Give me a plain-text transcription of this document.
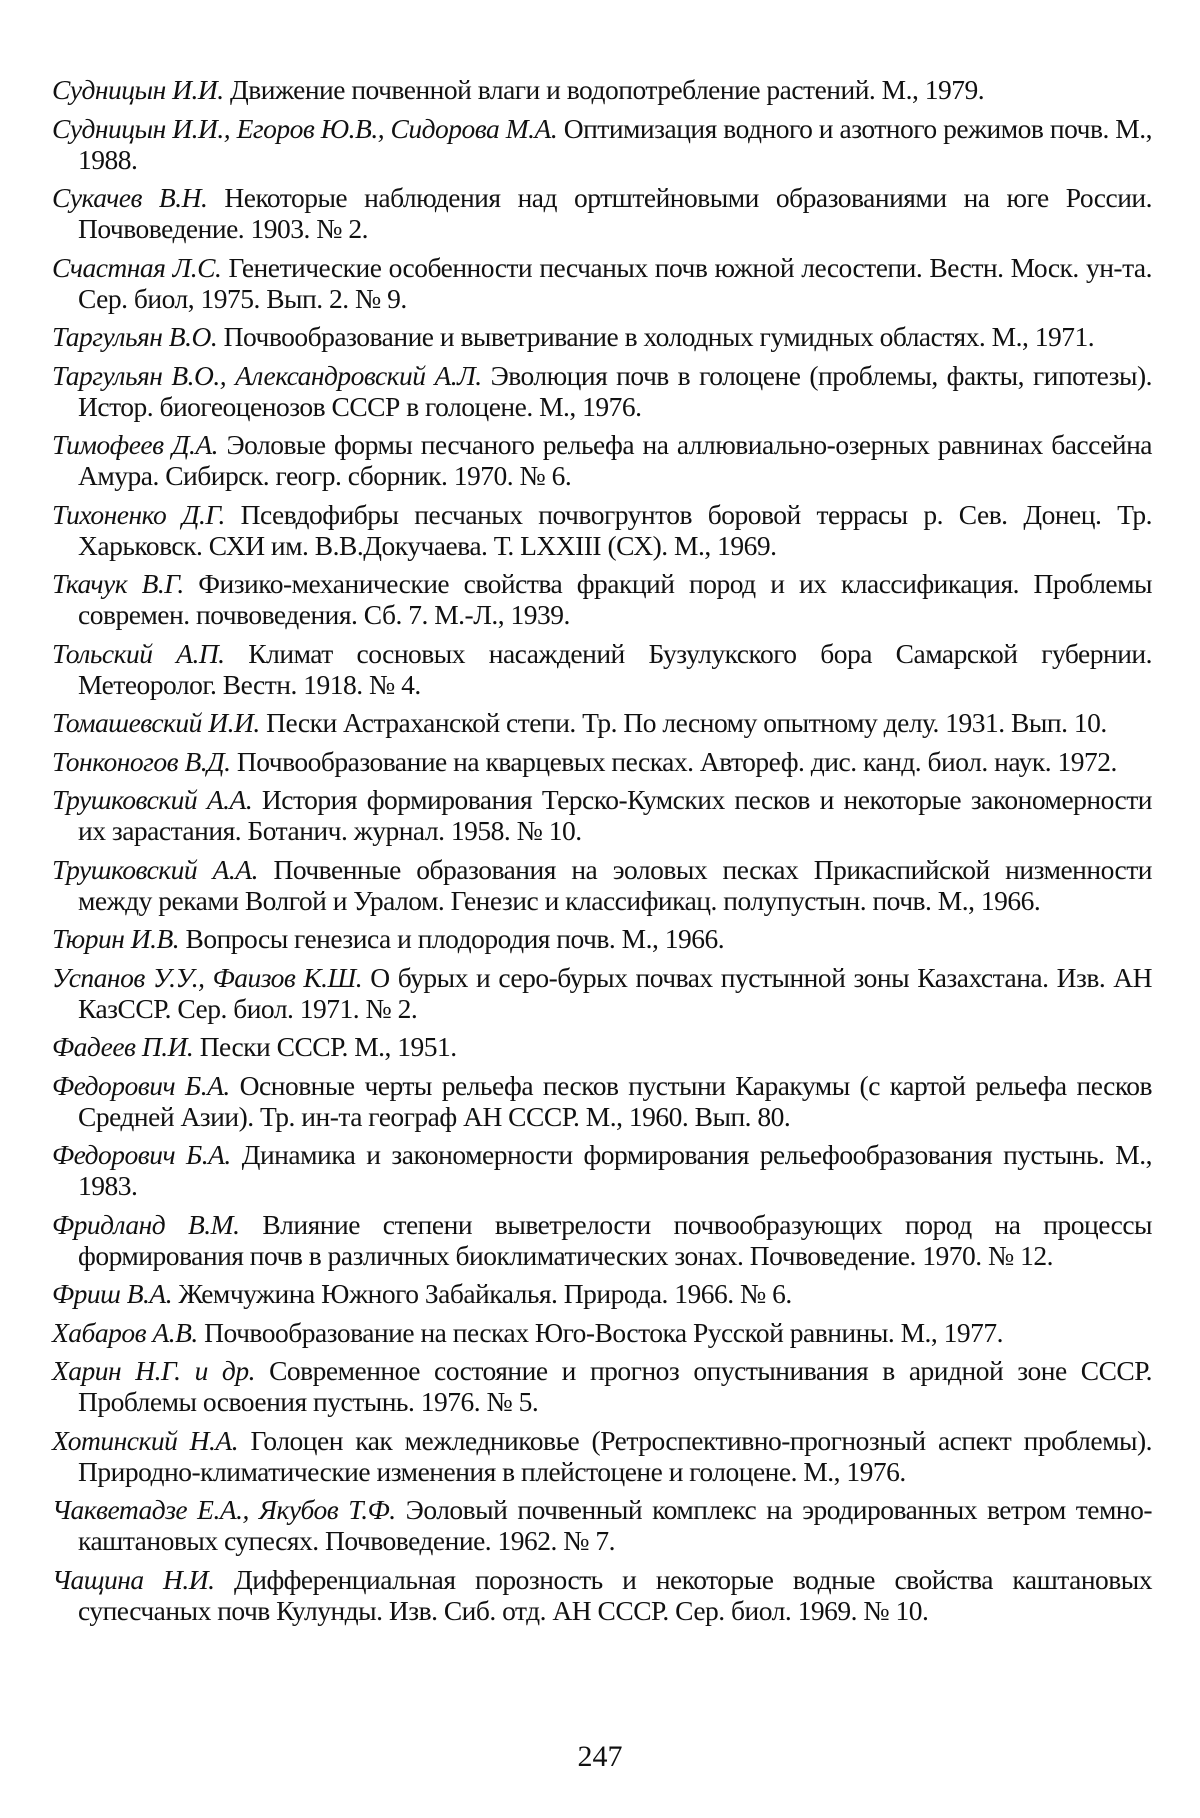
Судницын И.И. Движение почвенной влаги и водопотребление растений. М., 1979.

Судницын И.И., Егоров Ю.В., Сидорова М.А. Оптимизация водного и азотного режимов почв. М., 1988.

Сукачев В.Н. Некоторые наблюдения над ортштейновыми образованиями на юге России. Почвоведение. 1903. № 2.

Счастная Л.С. Генетические особенности песчаных почв южной лесостепи. Вестн. Моск. ун-та. Сер. биол, 1975. Вып. 2. № 9.

Таргульян В.О. Почвообразование и выветривание в холодных гумидных областях. М., 1971.

Таргульян В.О., Александровский А.Л. Эволюция почв в голоцене (проблемы, факты, гипотезы). Истор. биогеоценозов СССР в голоцене. М., 1976.

Тимофеев Д.А. Эоловые формы песчаного рельефа на аллювиально-озерных равнинах бассейна Амура. Сибирск. геогр. сборник. 1970. № 6.

Тихоненко Д.Г. Псевдофибры песчаных почвогрунтов боровой террасы р. Сев. Донец. Тр. Харьковск. СХИ им. В.В.Докучаева. Т. LXXIII (СХ). М., 1969.

Ткачук В.Г. Физико-механические свойства фракций пород и их классификация. Проблемы современ. почвоведения. Сб. 7. М.-Л., 1939.

Тольский А.П. Климат сосновых насаждений Бузулукского бора Самарской губернии. Метеоролог. Вестн. 1918. № 4.

Томашевский И.И. Пески Астраханской степи. Тр. По лесному опытному делу. 1931. Вып. 10.

Тонконогов В.Д. Почвообразование на кварцевых песках. Автореф. дис. канд. биол. наук. 1972.

Трушковский А.А. История формирования Терско-Кумских песков и некоторые закономерности их зарастания. Ботанич. журнал. 1958. № 10.

Трушковский А.А. Почвенные образования на эоловых песках Прикаспийской низменности между реками Волгой и Уралом. Генезис и классификац. полупустын. почв. М., 1966.

Тюрин И.В. Вопросы генезиса и плодородия почв. М., 1966.

Успанов У.У., Фаизов К.Ш. О бурых и серо-бурых почвах пустынной зоны Казахстана. Изв. АН КазССР. Сер. биол. 1971. № 2.

Фадеев П.И. Пески СССР. М., 1951.

Федорович Б.А. Основные черты рельефа песков пустыни Каракумы (с картой рельефа песков Средней Азии). Тр. ин-та географ АН СССР. М., 1960. Вып. 80.

Федорович Б.А. Динамика и закономерности формирования рельефообразования пустынь. М., 1983.

Фридланд В.М. Влияние степени выветрелости почвообразующих пород на процессы формирования почв в различных биоклиматических зонах. Почвоведение. 1970. № 12.

Фриш В.А. Жемчужина Южного Забайкалья. Природа. 1966. № 6.

Хабаров А.В. Почвообразование на песках Юго-Востока Русской равнины. М., 1977.

Харин Н.Г. и др. Современное состояние и прогноз опустынивания в аридной зоне СССР. Проблемы освоения пустынь. 1976. № 5.

Хотинский Н.А. Голоцен как межледниковье (Ретроспективно-прогнозный аспект проблемы). Природно-климатические изменения в плейстоцене и голоцене. М., 1976.

Чакветадзе Е.А., Якубов Т.Ф. Эоловый почвенный комплекс на эродированных ветром темно-каштановых супесях. Почвоведение. 1962. № 7.

Чащина Н.И. Дифференциальная порозность и некоторые водные свойства каштановых супесчаных почв Кулунды. Изв. Сиб. отд. АН СССР. Сер. биол. 1969. № 10.

247
